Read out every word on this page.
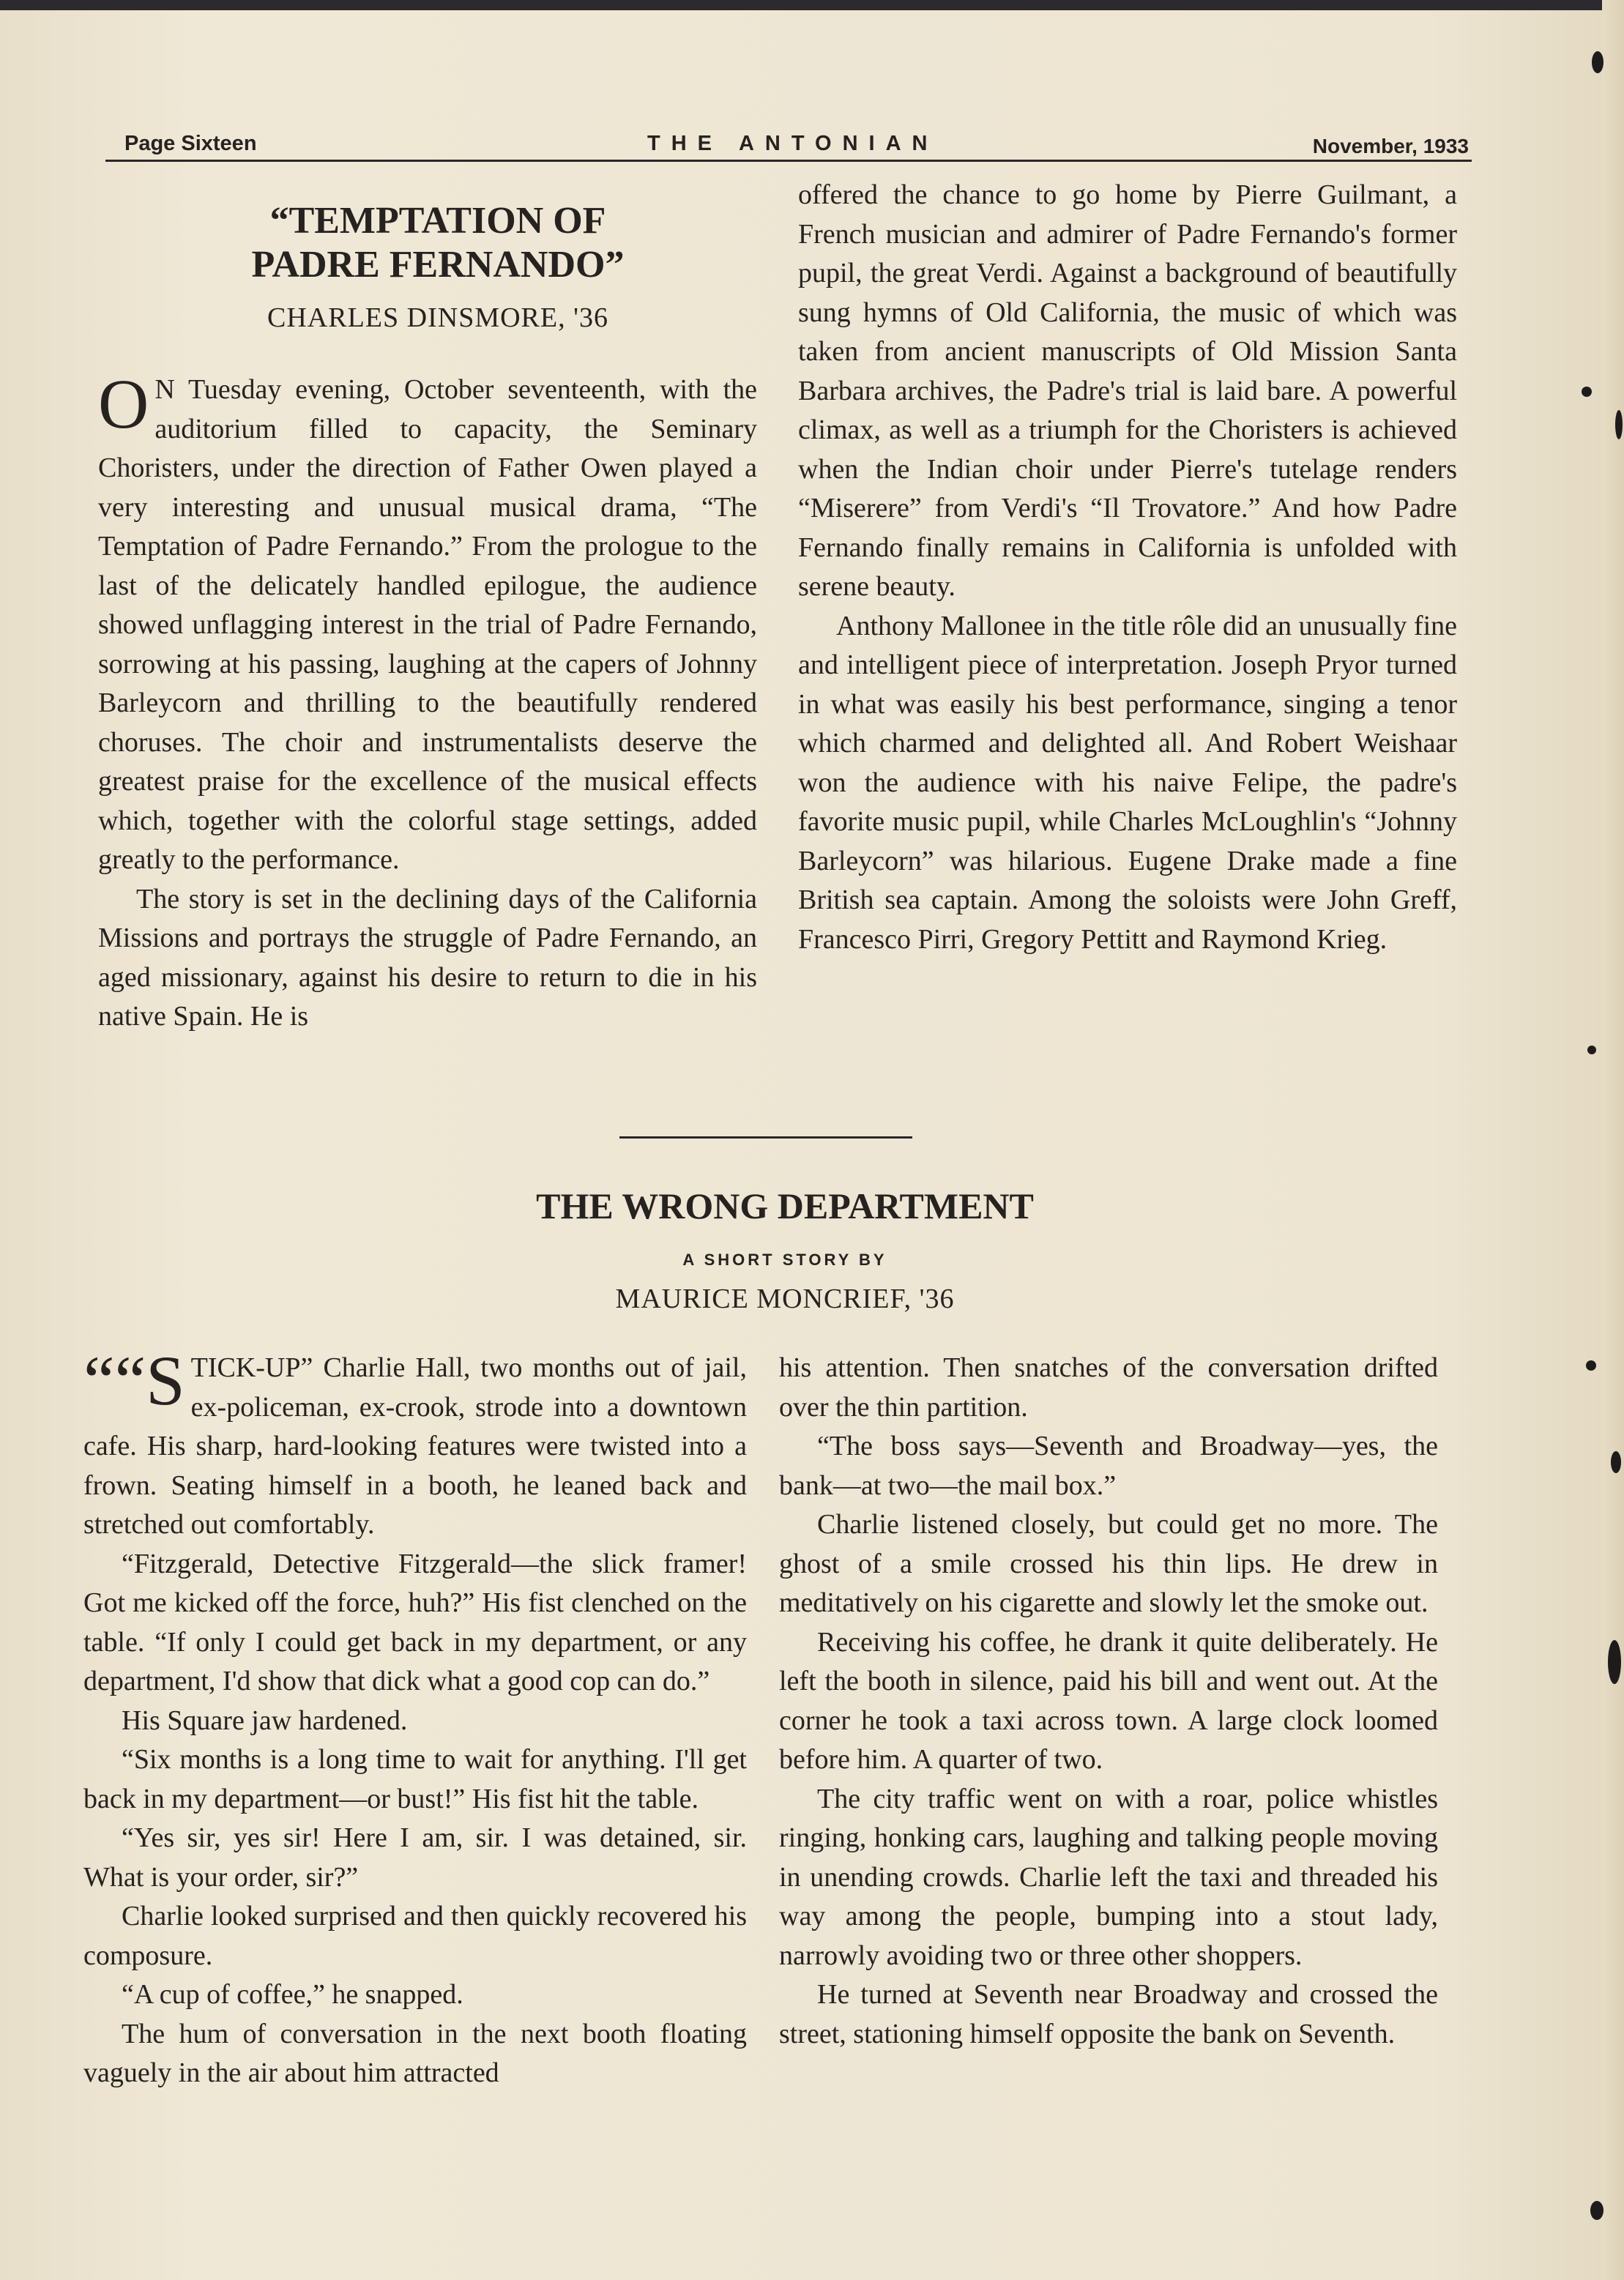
Page Sixteen	THE ANTONIAN	November, 1933
“TEMPTATION OF
PADRE FERNANDO”
CHARLES DINSMORE, '36
O N Tuesday evening, October seventeenth, with the auditorium filled to capacity, the Seminary Choristers, under the direction of Father Owen played a very interesting and unusual musical drama, “The Temptation of Padre Fernando.” From the prologue to the last of the delicately handled epilogue, the audience showed unflagging interest in the trial of Padre Fernando, sorrowing at his passing, laughing at the capers of Johnny Barleycorn and thrilling to the beautifully rendered choruses. The choir and instrumentalists deserve the greatest praise for the excellence of the musical effects which, together with the colorful stage settings, added greatly to the performance.

The story is set in the declining days of the California Missions and portrays the struggle of Padre Fernando, an aged missionary, against his desire to return to die in his native Spain. He is

offered the chance to go home by Pierre Guilmant, a French musician and admirer of Padre Fernando's former pupil, the great Verdi. Against a background of beautifully sung hymns of Old California, the music of which was taken from ancient manuscripts of Old Mission Santa Barbara archives, the Padre's trial is laid bare. A powerful climax, as well as a triumph for the Choristers is achieved when the Indian choir under Pierre's tutelage renders “Miserere” from Verdi's “Il Trovatore.” And how Padre Fernando finally remains in California is unfolded with serene beauty.

Anthony Mallonee in the title rôle did an unusually fine and intelligent piece of interpretation. Joseph Pryor turned in what was easily his best performance, singing a tenor which charmed and delighted all. And Robert Weishaar won the audience with his naive Felipe, the padre's favorite music pupil, while Charles McLoughlin's “Johnny Barleycorn” was hilarious. Eugene Drake made a fine British sea captain. Among the soloists were John Greff, Francesco Pirri, Gregory Pettitt and Raymond Krieg.

THE WRONG DEPARTMENT
A SHORT STORY BY
MAURICE MONCRIEF, '36
““S TICK-UP” Charlie Hall, two months out of jail, ex-policeman, ex-crook, strode into a downtown cafe. His sharp, hard-looking features were twisted into a frown. Seating himself in a booth, he leaned back and stretched out comfortably.

“Fitzgerald, Detective Fitzgerald—the slick framer! Got me kicked off the force, huh?” His fist clenched on the table. “If only I could get back in my department, or any department, I'd show that dick what a good cop can do.”

His Square jaw hardened.

“Six months is a long time to wait for anything. I'll get back in my department—or bust!” His fist hit the table.

“Yes sir, yes sir! Here I am, sir. I was detained, sir. What is your order, sir?”

Charlie looked surprised and then quickly recovered his composure.

“A cup of coffee,” he snapped.

The hum of conversation in the next booth floating vaguely in the air about him attracted

his attention. Then snatches of the conversation drifted over the thin partition.

“The boss says—Seventh and Broadway—yes, the bank—at two—the mail box.”

Charlie listened closely, but could get no more. The ghost of a smile crossed his thin lips. He drew in meditatively on his cigarette and slowly let the smoke out.

Receiving his coffee, he drank it quite deliberately. He left the booth in silence, paid his bill and went out. At the corner he took a taxi across town. A large clock loomed before him. A quarter of two.

The city traffic went on with a roar, police whistles ringing, honking cars, laughing and talking people moving in unending crowds. Charlie left the taxi and threaded his way among the people, bumping into a stout lady, narrowly avoiding two or three other shoppers.

He turned at Seventh near Broadway and crossed the street, stationing himself opposite the bank on Seventh.
